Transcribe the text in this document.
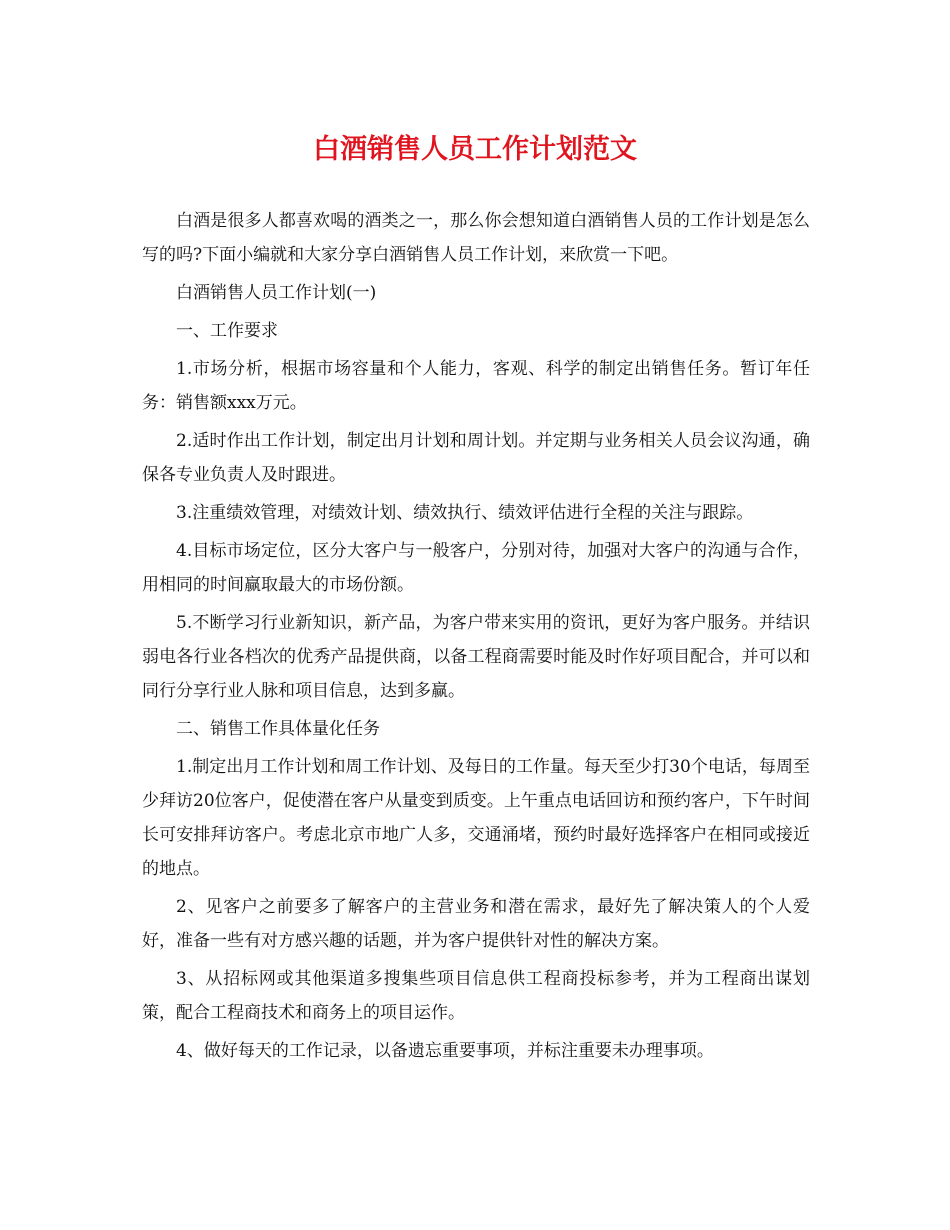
白酒销售人员工作计划范文

白酒是很多人都喜欢喝的酒类之一，那么你会想知道白酒销售人员的工作计划是怎么写的吗?下面小编就和大家分享白酒销售人员工作计划，来欣赏一下吧。

白酒销售人员工作计划(一)

一、工作要求

1.市场分析，根据市场容量和个人能力，客观、科学的制定出销售任务。暂订年任务：销售额xxx万元。

2.适时作出工作计划，制定出月计划和周计划。并定期与业务相关人员会议沟通，确保各专业负责人及时跟进。

3.注重绩效管理，对绩效计划、绩效执行、绩效评估进行全程的关注与跟踪。

4.目标市场定位，区分大客户与一般客户，分别对待，加强对大客户的沟通与合作，用相同的时间赢取最大的市场份额。

5.不断学习行业新知识，新产品，为客户带来实用的资讯，更好为客户服务。并结识弱电各行业各档次的优秀产品提供商，以备工程商需要时能及时作好项目配合，并可以和同行分享行业人脉和项目信息，达到多赢。

二、销售工作具体量化任务

1.制定出月工作计划和周工作计划、及每日的工作量。每天至少打30个电话，每周至少拜访20位客户，促使潜在客户从量变到质变。上午重点电话回访和预约客户，下午时间长可安排拜访客户。考虑北京市地广人多，交通涌堵，预约时最好选择客户在相同或接近的地点。

2、见客户之前要多了解客户的主营业务和潜在需求，最好先了解决策人的个人爱好，准备一些有对方感兴趣的话题，并为客户提供针对性的解决方案。

3、从招标网或其他渠道多搜集些项目信息供工程商投标参考，并为工程商出谋划策，配合工程商技术和商务上的项目运作。

4、做好每天的工作记录，以备遗忘重要事项，并标注重要未办理事项。
